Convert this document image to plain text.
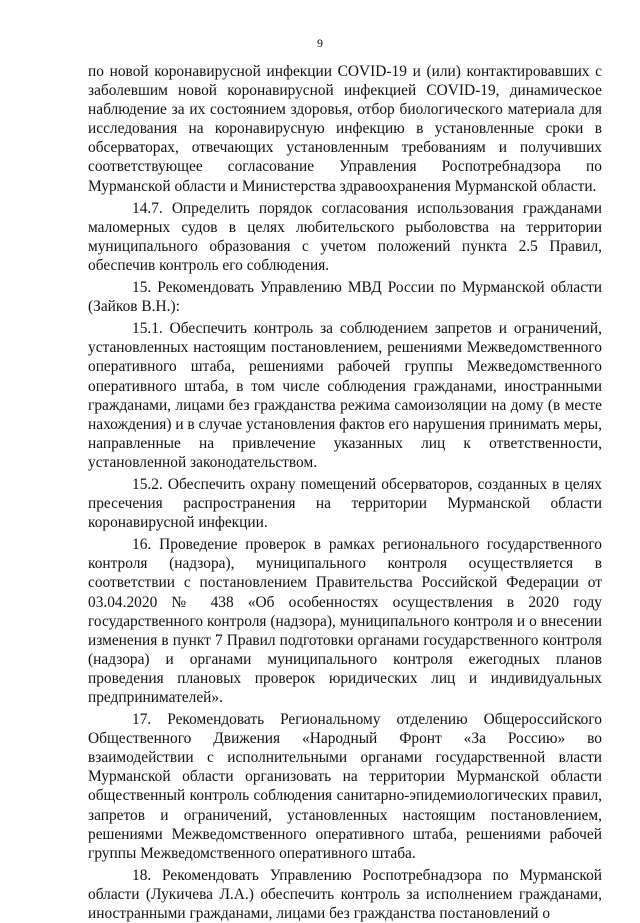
9

по новой коронавирусной инфекции COVID-19 и (или) контактировавших с заболевшим новой коронавирусной инфекцией COVID-19, динамическое наблюдение за их состоянием здоровья, отбор биологического материала для исследования на коронавирусную инфекцию в установленные сроки в обсерваторах, отвечающих установленным требованиям и получивших соответствующее согласование Управления Роспотребнадзора по Мурманской области и Министерства здравоохранения Мурманской области.

14.7. Определить порядок согласования использования гражданами маломерных судов в целях любительского рыболовства на территории муниципального образования с учетом положений пункта 2.5 Правил, обеспечив контроль его соблюдения.

15. Рекомендовать Управлению МВД России по Мурманской области (Зайков В.Н.):

15.1. Обеспечить контроль за соблюдением запретов и ограничений, установленных настоящим постановлением, решениями Межведомственного оперативного штаба, решениями рабочей группы Межведомственного оперативного штаба, в том числе соблюдения гражданами, иностранными гражданами, лицами без гражданства режима самоизоляции на дому (в месте нахождения) и в случае установления фактов его нарушения принимать меры, направленные на привлечение указанных лиц к ответственности, установленной законодательством.

15.2. Обеспечить охрану помещений обсерваторов, созданных в целях пресечения распространения на территории Мурманской области коронавирусной инфекции.

16. Проведение проверок в рамках регионального государственного контроля (надзора), муниципального контроля осуществляется в соответствии с постановлением Правительства Российской Федерации от 03.04.2020 № 438 «Об особенностях осуществления в 2020 году государственного контроля (надзора), муниципального контроля и о внесении изменения в пункт 7 Правил подготовки органами государственного контроля (надзора) и органами муниципального контроля ежегодных планов проведения плановых проверок юридических лиц и индивидуальных предпринимателей».

17. Рекомендовать Региональному отделению Общероссийского Общественного Движения «Народный Фронт «За Россию» во взаимодействии с исполнительными органами государственной власти Мурманской области организовать на территории Мурманской области общественный контроль соблюдения санитарно-эпидемиологических правил, запретов и ограничений, установленных настоящим постановлением, решениями Межведомственного оперативного штаба, решениями рабочей группы Межведомственного оперативного штаба.

18. Рекомендовать Управлению Роспотребнадзора по Мурманской области (Лукичева Л.А.) обеспечить контроль за исполнением гражданами, иностранными гражданами, лицами без гражданства постановлений о
